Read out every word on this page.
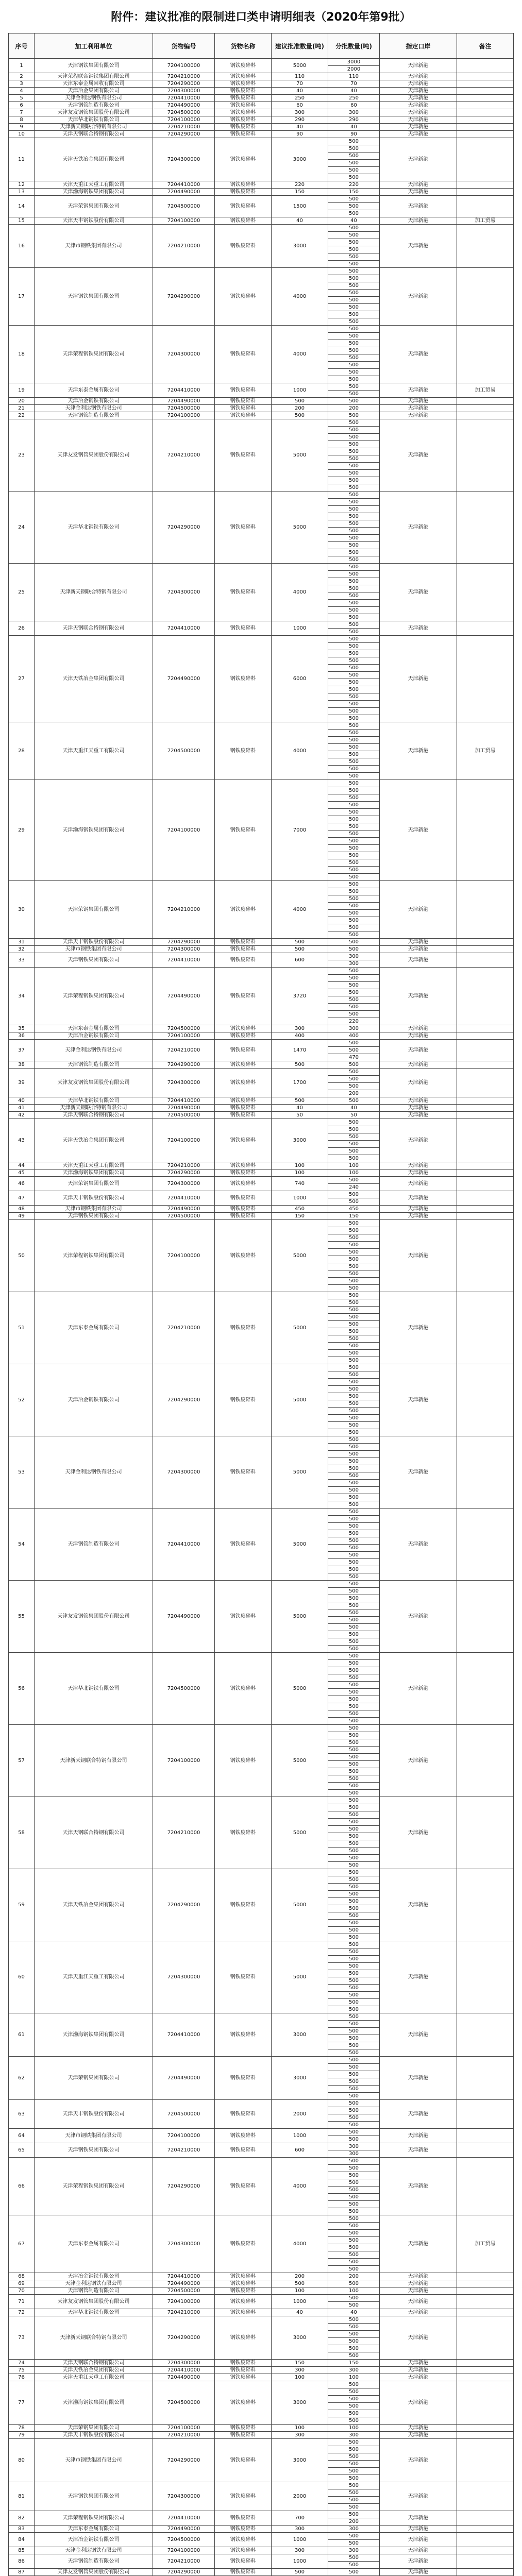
附件：建议批准的限制进口类申请明细表（2020年第9批）
序号	加工利用单位	货物编号	货物名称	建议批准数量(吨)	分批数量(吨)	指定口岸	备注
1	天津钢铁集团有限公司	7204100000	钢铁废碎料	5000	3000	天津新港	
					2000		
2	天津荣程联合钢铁集团有限公司	7204210000	钢铁废碎料	110	110	天津新港	
3	天津东泰金属回收有限公司	7204290000	钢铁废碎料	70	70	天津新港	
4	天津冶金集团有限公司	7204300000	钢铁废碎料	40	40	天津新港	
5	天津金利达钢铁有限公司	7204410000	钢铁废碎料	250	250	天津新港	
6	天津钢管制造有限公司	7204490000	钢铁废碎料	60	60	天津新港	
7	天津友发钢管集团股份有限公司	7204500000	钢铁废碎料	300	300	天津新港	
8	天津华北钢铁有限公司	7204100000	钢铁废碎料	290	290	天津新港	
9	天津新天钢联合特钢有限公司	7204210000	钢铁废碎料	40	40	天津新港	
10	天津天钢联合特钢有限公司	7204290000	钢铁废碎料	90	90	天津新港	
11	天津天铁冶金集团有限公司	7204300000	钢铁废碎料	3000	500	天津新港	
					500		
					500		
					500		
					500		
					500		
12	天津天重江天重工有限公司	7204410000	钢铁废碎料	220	220	天津新港	
13	天津渤海钢铁集团有限公司	7204490000	钢铁废碎料	150	150	天津新港	
14	天津荣钢集团有限公司	7204500000	钢铁废碎料	1500	500	天津新港	
					500		
					500		
15	天津天丰钢铁股份有限公司	7204100000	钢铁废碎料	40	40	天津新港	加工贸易
16	天津市钢铁集团有限公司	7204210000	钢铁废碎料	3000	500	天津新港	
					500		
					500		
					500		
					500		
					500		
17	天津钢铁集团有限公司	7204290000	钢铁废碎料	4000	500	天津新港	
					500		
					500		
					500		
					500		
					500		
					500		
					500		
18	天津荣程钢铁集团有限公司	7204300000	钢铁废碎料	4000	500	天津新港	
					500		
					500		
					500		
					500		
					500		
					500		
					500		
19	天津东泰金属有限公司	7204410000	钢铁废碎料	1000	500	天津新港	加工贸易
					500		
20	天津冶金钢铁有限公司	7204490000	钢铁废碎料	500	500	天津新港	
21	天津金利达钢铁有限公司	7204500000	钢铁废碎料	200	200	天津新港	
22	天津钢管制造有限公司	7204100000	钢铁废碎料	500	500	天津新港	
23	天津友发钢管集团股份有限公司	7204210000	钢铁废碎料	5000	500	天津新港	
					500		
					500		
					500		
					500		
					500		
					500		
					500		
					500		
					500		
24	天津华北钢铁有限公司	7204290000	钢铁废碎料	5000	500	天津新港	
					500		
					500		
					500		
					500		
					500		
					500		
					500		
					500		
					500		
25	天津新天钢联合特钢有限公司	7204300000	钢铁废碎料	4000	500	天津新港	
					500		
					500		
					500		
					500		
					500		
					500		
					500		
26	天津天钢联合特钢有限公司	7204410000	钢铁废碎料	1000	500	天津新港	
					500		
27	天津天铁冶金集团有限公司	7204490000	钢铁废碎料	6000	500	天津新港	
					500		
					500		
					500		
					500		
					500		
					500		
					500		
					500		
					500		
					500		
					500		
28	天津天重江天重工有限公司	7204500000	钢铁废碎料	4000	500	天津新港	加工贸易
					500		
					500		
					500		
					500		
					500		
					500		
					500		
29	天津渤海钢铁集团有限公司	7204100000	钢铁废碎料	7000	500	天津新港	
					500		
					500		
					500		
					500		
					500		
					500		
					500		
					500		
					500		
					500		
					500		
					500		
					500		
30	天津荣钢集团有限公司	7204210000	钢铁废碎料	4000	500	天津新港	
					500		
					500		
					500		
					500		
					500		
					500		
					500		
31	天津天丰钢铁股份有限公司	7204290000	钢铁废碎料	500	500	天津新港	
32	天津市钢铁集团有限公司	7204300000	钢铁废碎料	500	500	天津新港	
33	天津钢铁集团有限公司	7204410000	钢铁废碎料	600	300	天津新港	
					300		
34	天津荣程钢铁集团有限公司	7204490000	钢铁废碎料	3720	500	天津新港	
					500		
					500		
					500		
					500		
					500		
					500		
					220		
35	天津东泰金属有限公司	7204500000	钢铁废碎料	300	300	天津新港	
36	天津冶金钢铁有限公司	7204100000	钢铁废碎料	400	400	天津新港	
37	天津金利达钢铁有限公司	7204210000	钢铁废碎料	1470	500	天津新港	
					500		
					470		
38	天津钢管制造有限公司	7204290000	钢铁废碎料	500	500	天津新港	
39	天津友发钢管集团股份有限公司	7204300000	钢铁废碎料	1700	500	天津新港	
					500		
					500		
					200		
40	天津华北钢铁有限公司	7204410000	钢铁废碎料	500	500	天津新港	
41	天津新天钢联合特钢有限公司	7204490000	钢铁废碎料	40	40	天津新港	
42	天津天钢联合特钢有限公司	7204500000	钢铁废碎料	50	50	天津新港	
43	天津天铁冶金集团有限公司	7204100000	钢铁废碎料	3000	500	天津新港	
					500		
					500		
					500		
					500		
					500		
44	天津天重江天重工有限公司	7204210000	钢铁废碎料	100	100	天津新港	
45	天津渤海钢铁集团有限公司	7204290000	钢铁废碎料	100	100	天津新港	
46	天津荣钢集团有限公司	7204300000	钢铁废碎料	740	500	天津新港	
					240		
47	天津天丰钢铁股份有限公司	7204410000	钢铁废碎料	1000	500	天津新港	
					500		
48	天津市钢铁集团有限公司	7204490000	钢铁废碎料	450	450	天津新港	
49	天津钢铁集团有限公司	7204500000	钢铁废碎料	150	150	天津新港	
50	天津荣程钢铁集团有限公司	7204100000	钢铁废碎料	5000	500	天津新港	
					500		
					500		
					500		
					500		
					500		
					500		
					500		
					500		
					500		
51	天津东泰金属有限公司	7204210000	钢铁废碎料	5000	500	天津新港	
					500		
					500		
					500		
					500		
					500		
					500		
					500		
					500		
					500		
52	天津冶金钢铁有限公司	7204290000	钢铁废碎料	5000	500	天津新港	
					500		
					500		
					500		
					500		
					500		
					500		
					500		
					500		
					500		
53	天津金利达钢铁有限公司	7204300000	钢铁废碎料	5000	500	天津新港	
					500		
					500		
					500		
					500		
					500		
					500		
					500		
					500		
					500		
54	天津钢管制造有限公司	7204410000	钢铁废碎料	5000	500	天津新港	
					500		
					500		
					500		
					500		
					500		
					500		
					500		
					500		
					500		
55	天津友发钢管集团股份有限公司	7204490000	钢铁废碎料	5000	500	天津新港	
					500		
					500		
					500		
					500		
					500		
					500		
					500		
					500		
					500		
56	天津华北钢铁有限公司	7204500000	钢铁废碎料	5000	500	天津新港	
					500		
					500		
					500		
					500		
					500		
					500		
					500		
					500		
					500		
57	天津新天钢联合特钢有限公司	7204100000	钢铁废碎料	5000	500	天津新港	
					500		
					500		
					500		
					500		
					500		
					500		
					500		
					500		
					500		
58	天津天钢联合特钢有限公司	7204210000	钢铁废碎料	5000	500	天津新港	
					500		
					500		
					500		
					500		
					500		
					500		
					500		
					500		
					500		
59	天津天铁冶金集团有限公司	7204290000	钢铁废碎料	5000	500	天津新港	
					500		
					500		
					500		
					500		
					500		
					500		
					500		
					500		
					500		
60	天津天重江天重工有限公司	7204300000	钢铁废碎料	5000	500	天津新港	
					500		
					500		
					500		
					500		
					500		
					500		
					500		
					500		
					500		
61	天津渤海钢铁集团有限公司	7204410000	钢铁废碎料	3000	500	天津新港	
					500		
					500		
					500		
					500		
					500		
62	天津荣钢集团有限公司	7204490000	钢铁废碎料	3000	500	天津新港	
					500		
					500		
					500		
					500		
					500		
63	天津天丰钢铁股份有限公司	7204500000	钢铁废碎料	2000	500	天津新港	
					500		
					500		
					500		
64	天津市钢铁集团有限公司	7204100000	钢铁废碎料	1000	500	天津新港	
					500		
65	天津钢铁集团有限公司	7204210000	钢铁废碎料	600	300	天津新港	
					300		
66	天津荣程钢铁集团有限公司	7204290000	钢铁废碎料	4000	500	天津新港	
					500		
					500		
					500		
					500		
					500		
					500		
					500		
67	天津东泰金属有限公司	7204300000	钢铁废碎料	4000	500	天津新港	加工贸易
					500		
					500		
					500		
					500		
					500		
					500		
					500		
68	天津冶金钢铁有限公司	7204410000	钢铁废碎料	200	200	天津新港	
69	天津金利达钢铁有限公司	7204490000	钢铁废碎料	500	500	天津新港	
70	天津钢管制造有限公司	7204500000	钢铁废碎料	100	100	天津新港	
71	天津友发钢管集团股份有限公司	7204100000	钢铁废碎料	1000	500	天津新港	
					500		
72	天津华北钢铁有限公司	7204210000	钢铁废碎料	40	40	天津新港	
73	天津新天钢联合特钢有限公司	7204290000	钢铁废碎料	3000	500	天津新港	
					500		
					500		
					500		
					500		
					500		
74	天津天钢联合特钢有限公司	7204300000	钢铁废碎料	150	150	天津新港	
75	天津天铁冶金集团有限公司	7204410000	钢铁废碎料	300	300	天津新港	
76	天津天重江天重工有限公司	7204490000	钢铁废碎料	100	100	天津新港	
77	天津渤海钢铁集团有限公司	7204500000	钢铁废碎料	3000	500	天津新港	
					500		
					500		
					500		
					500		
					500		
78	天津荣钢集团有限公司	7204100000	钢铁废碎料	100	100	天津新港	
79	天津天丰钢铁股份有限公司	7204210000	钢铁废碎料	300	300	天津新港	
80	天津市钢铁集团有限公司	7204290000	钢铁废碎料	3000	500	天津新港	
					500		
					500		
					500		
					500		
					500		
81	天津钢铁集团有限公司	7204300000	钢铁废碎料	2000	500	天津新港	
					500		
					500		
					500		
82	天津荣程钢铁集团有限公司	7204410000	钢铁废碎料	700	500	天津新港	
					200		
83	天津东泰金属有限公司	7204490000	钢铁废碎料	300	300	天津新港	
84	天津冶金钢铁有限公司	7204500000	钢铁废碎料	1000	500	天津新港	
					500		
85	天津金利达钢铁有限公司	7204100000	钢铁废碎料	300	300	天津新港	
86	天津钢管制造有限公司	7204210000	钢铁废碎料	1000	500	天津新港	
					500		
87	天津友发钢管集团股份有限公司	7204290000	钢铁废碎料	500	500	天津新港	
